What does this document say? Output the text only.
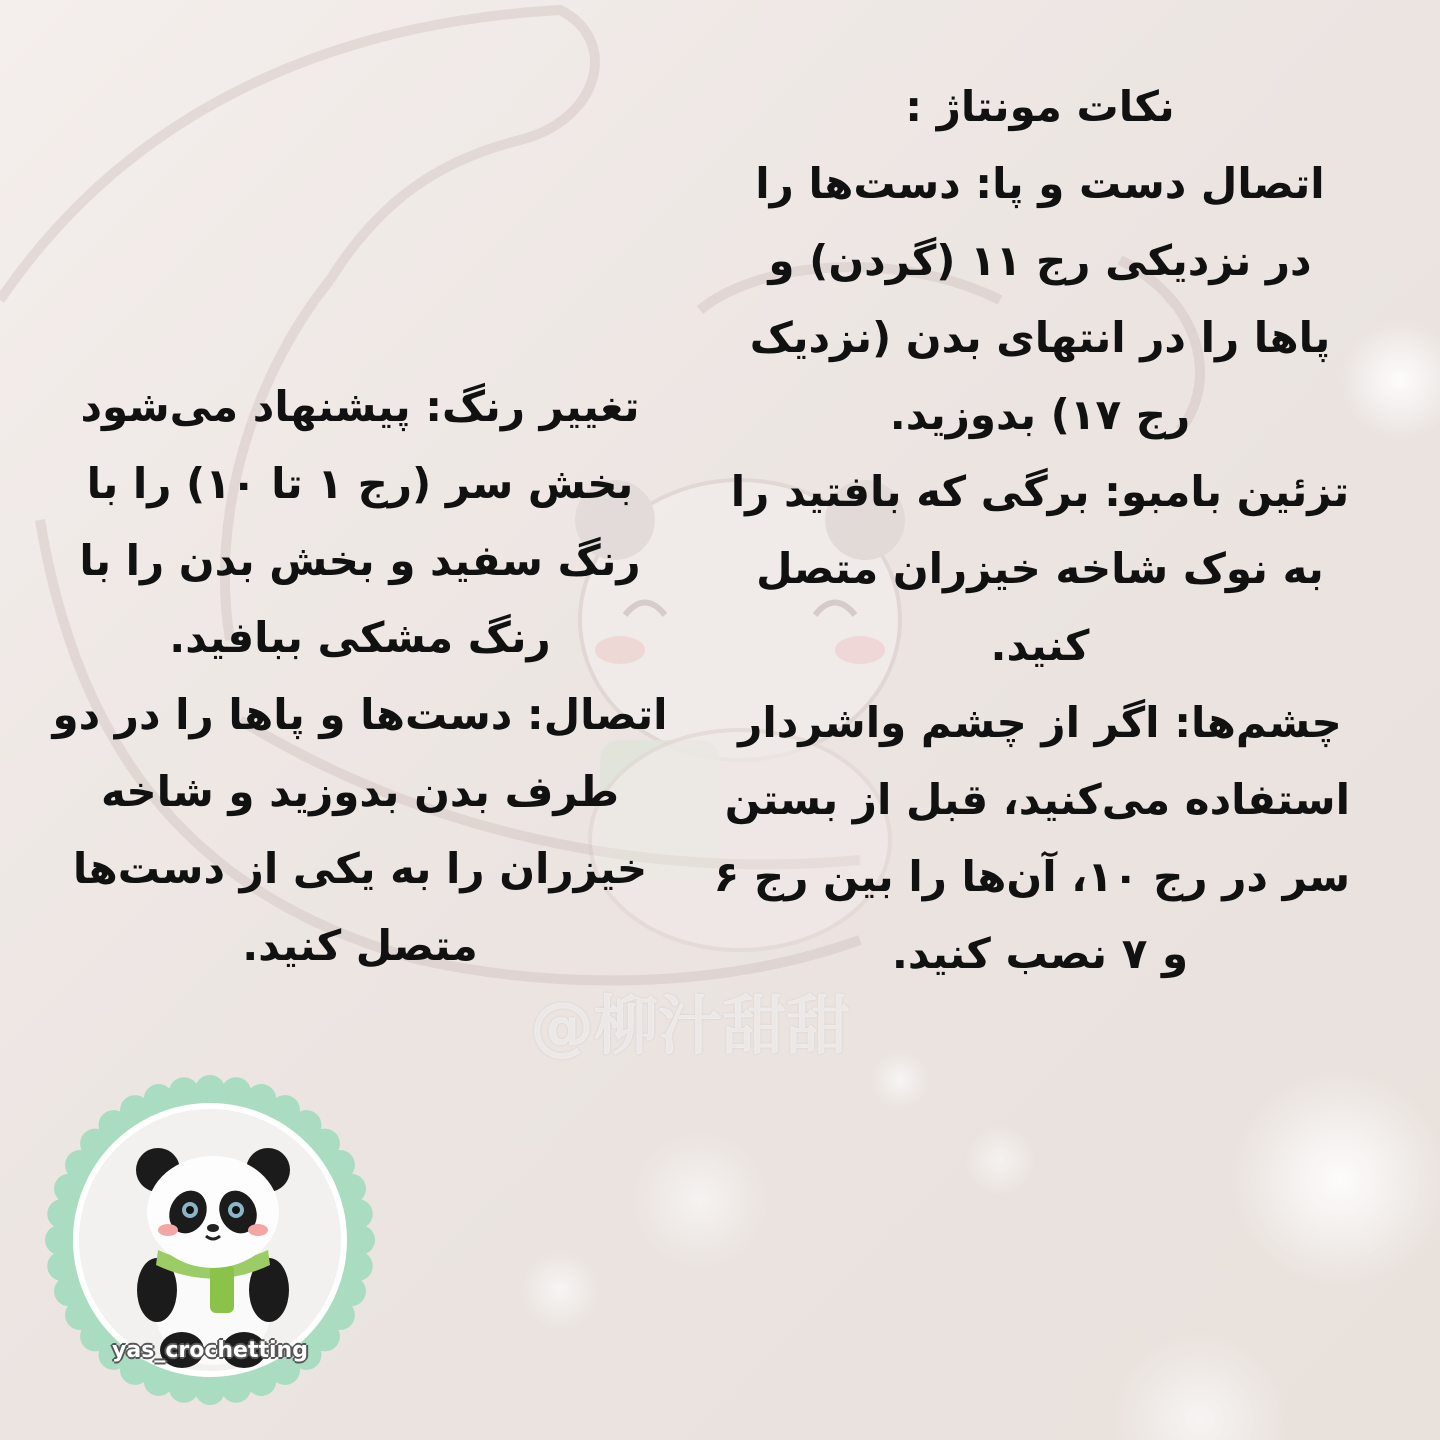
@柳汁甜甜
نکات مونتاژ :
اتصال دست و پا: دست‌ها را
در نزدیکی رج ۱۱ (گردن) و
پاها را در انتهای بدن (نزدیک
رج ۱۷) بدوزید.
تزئین بامبو: برگی که بافتید را
به نوک شاخه خیزران متصل
کنید.
چشم‌ها: اگر از چشم واشردار
استفاده می‌کنید، قبل از بستن
سر در رج ۱۰، آن‌ها را بین رج ۶
و ۷ نصب کنید.
تغییر رنگ: پیشنهاد می‌شود
بخش سر (رج ۱ تا ۱۰) را با
رنگ سفید و بخش بدن را با
رنگ مشکی ببافید.
اتصال: دست‌ها و پاها را در دو
طرف بدن بدوزید و شاخه
خیزران را به یکی از دست‌ها
متصل کنید.
yas_crochetting
